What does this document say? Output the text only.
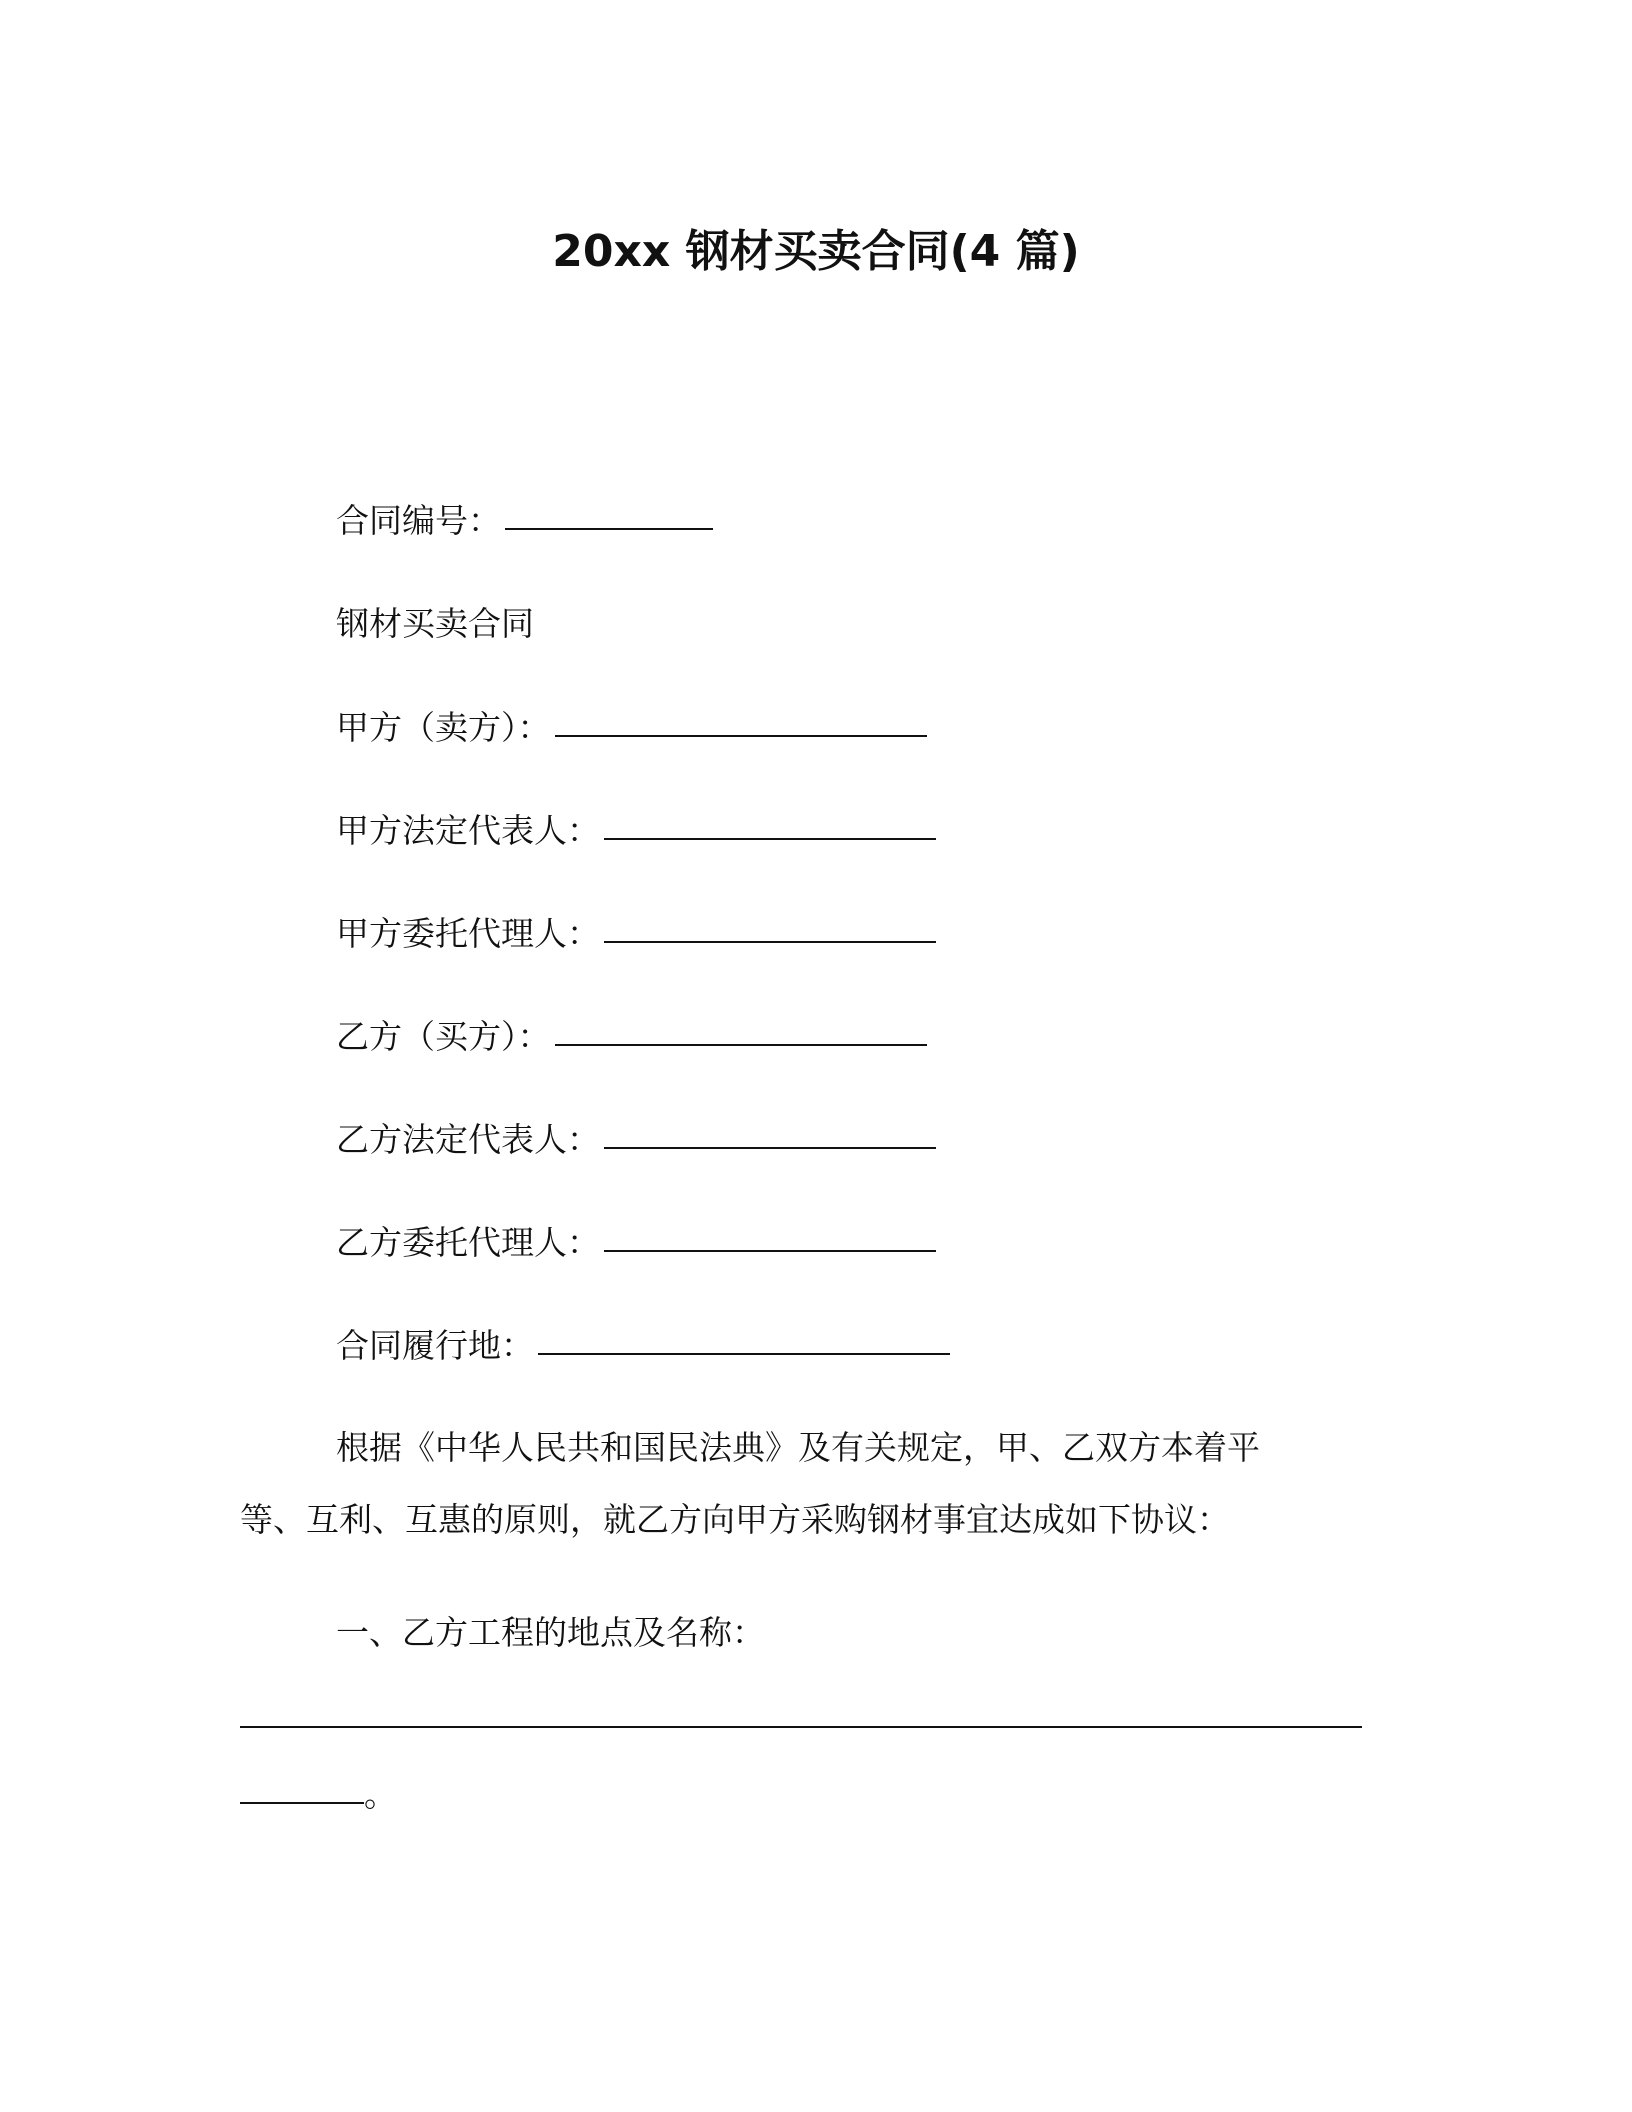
20xx 钢材买卖合同(4 篇)
合同编号：
钢材买卖合同
甲方（卖方）：
甲方法定代表人：
甲方委托代理人：
乙方（买方）：
乙方法定代表人：
乙方委托代理人：
合同履行地：
根据《中华人民共和国民法典》及有关规定，甲、乙双方本着平
等、互利、互惠的原则，就乙方向甲方采购钢材事宜达成如下协议：
一、乙方工程的地点及名称：
。
